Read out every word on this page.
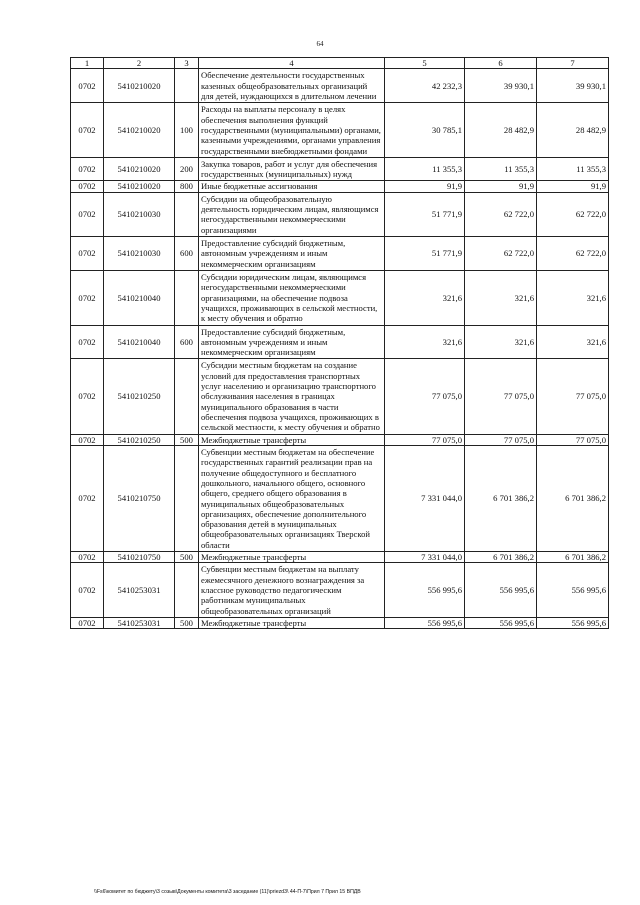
64
1	2	3	4	5	6	7
0702	5410210020		Обеспечение деятельности государственных казенных общеобразовательных организаций для детей, нуждающихся в длительном лечении	42 232,3	39 930,1	39 930,1
0702	5410210020	100	Расходы на выплаты персоналу в целях обеспечения выполнения функций государственными (муниципальными) органами, казенными учреждениями, органами управления государственными внебюджетными фондами	30 785,1	28 482,9	28 482,9
0702	5410210020	200	Закупка товаров, работ и услуг для обеспечения государственных (муниципальных) нужд	11 355,3	11 355,3	11 355,3
0702	5410210020	800	Иные бюджетные ассигнования	91,9	91,9	91,9
0702	5410210030		Субсидии на общеобразовательную деятельность юридическим лицам, являющимся негосударственными некоммерческими организациями	51 771,9	62 722,0	62 722,0
0702	5410210030	600	Предоставление субсидий бюджетным, автономным учреждениям и иным некоммерческим организациям	51 771,9	62 722,0	62 722,0
0702	5410210040		Субсидии юридическим лицам, являющимся негосударственными некоммерческими организациями, на обеспечение подвоза учащихся, проживающих в сельской местности, к месту обучения и обратно	321,6	321,6	321,6
0702	5410210040	600	Предоставление субсидий бюджетным, автономным учреждениям и иным некоммерческим организациям	321,6	321,6	321,6
0702	5410210250		Субсидии местным бюджетам на создание условий для предоставления транспортных услуг населению и организацию транспортного обслуживания населения в границах муниципального образования в части обеспечения подвоза учащихся, проживающих в сельской местности, к месту обучения и обратно	77 075,0	77 075,0	77 075,0
0702	5410210250	500	Межбюджетные трансферты	77 075,0	77 075,0	77 075,0
0702	5410210750		Субвенции местным бюджетам на обеспечение государственных гарантий реализации прав на получение общедоступного и бесплатного дошкольного, начального общего, основного общего, среднего общего образования в муниципальных общеобразовательных организациях, обеспечение дополнительного образования детей в муниципальных общеобразовательных организациях Тверской области	7 331 044,0	6 701 386,2	6 701 386,2
0702	5410210750	500	Межбюджетные трансферты	7 331 044,0	6 701 386,2	6 701 386,2
0702	5410253031		Субвенции местным бюджетам на выплату ежемесячного денежного вознаграждения за классное руководство педагогическим работникам муниципальных общеобразовательных организаций	556 995,6	556 995,6	556 995,6
0702	5410253031	500	Межбюджетные трансферты	556 995,6	556 995,6	556 995,6
\\Fs6\комитет по бюджету\3 созыв\Документы комитета\3 заседание (11)\priezd3\ 44-П-7\Прил 7 Прил 15 ВПДВ
